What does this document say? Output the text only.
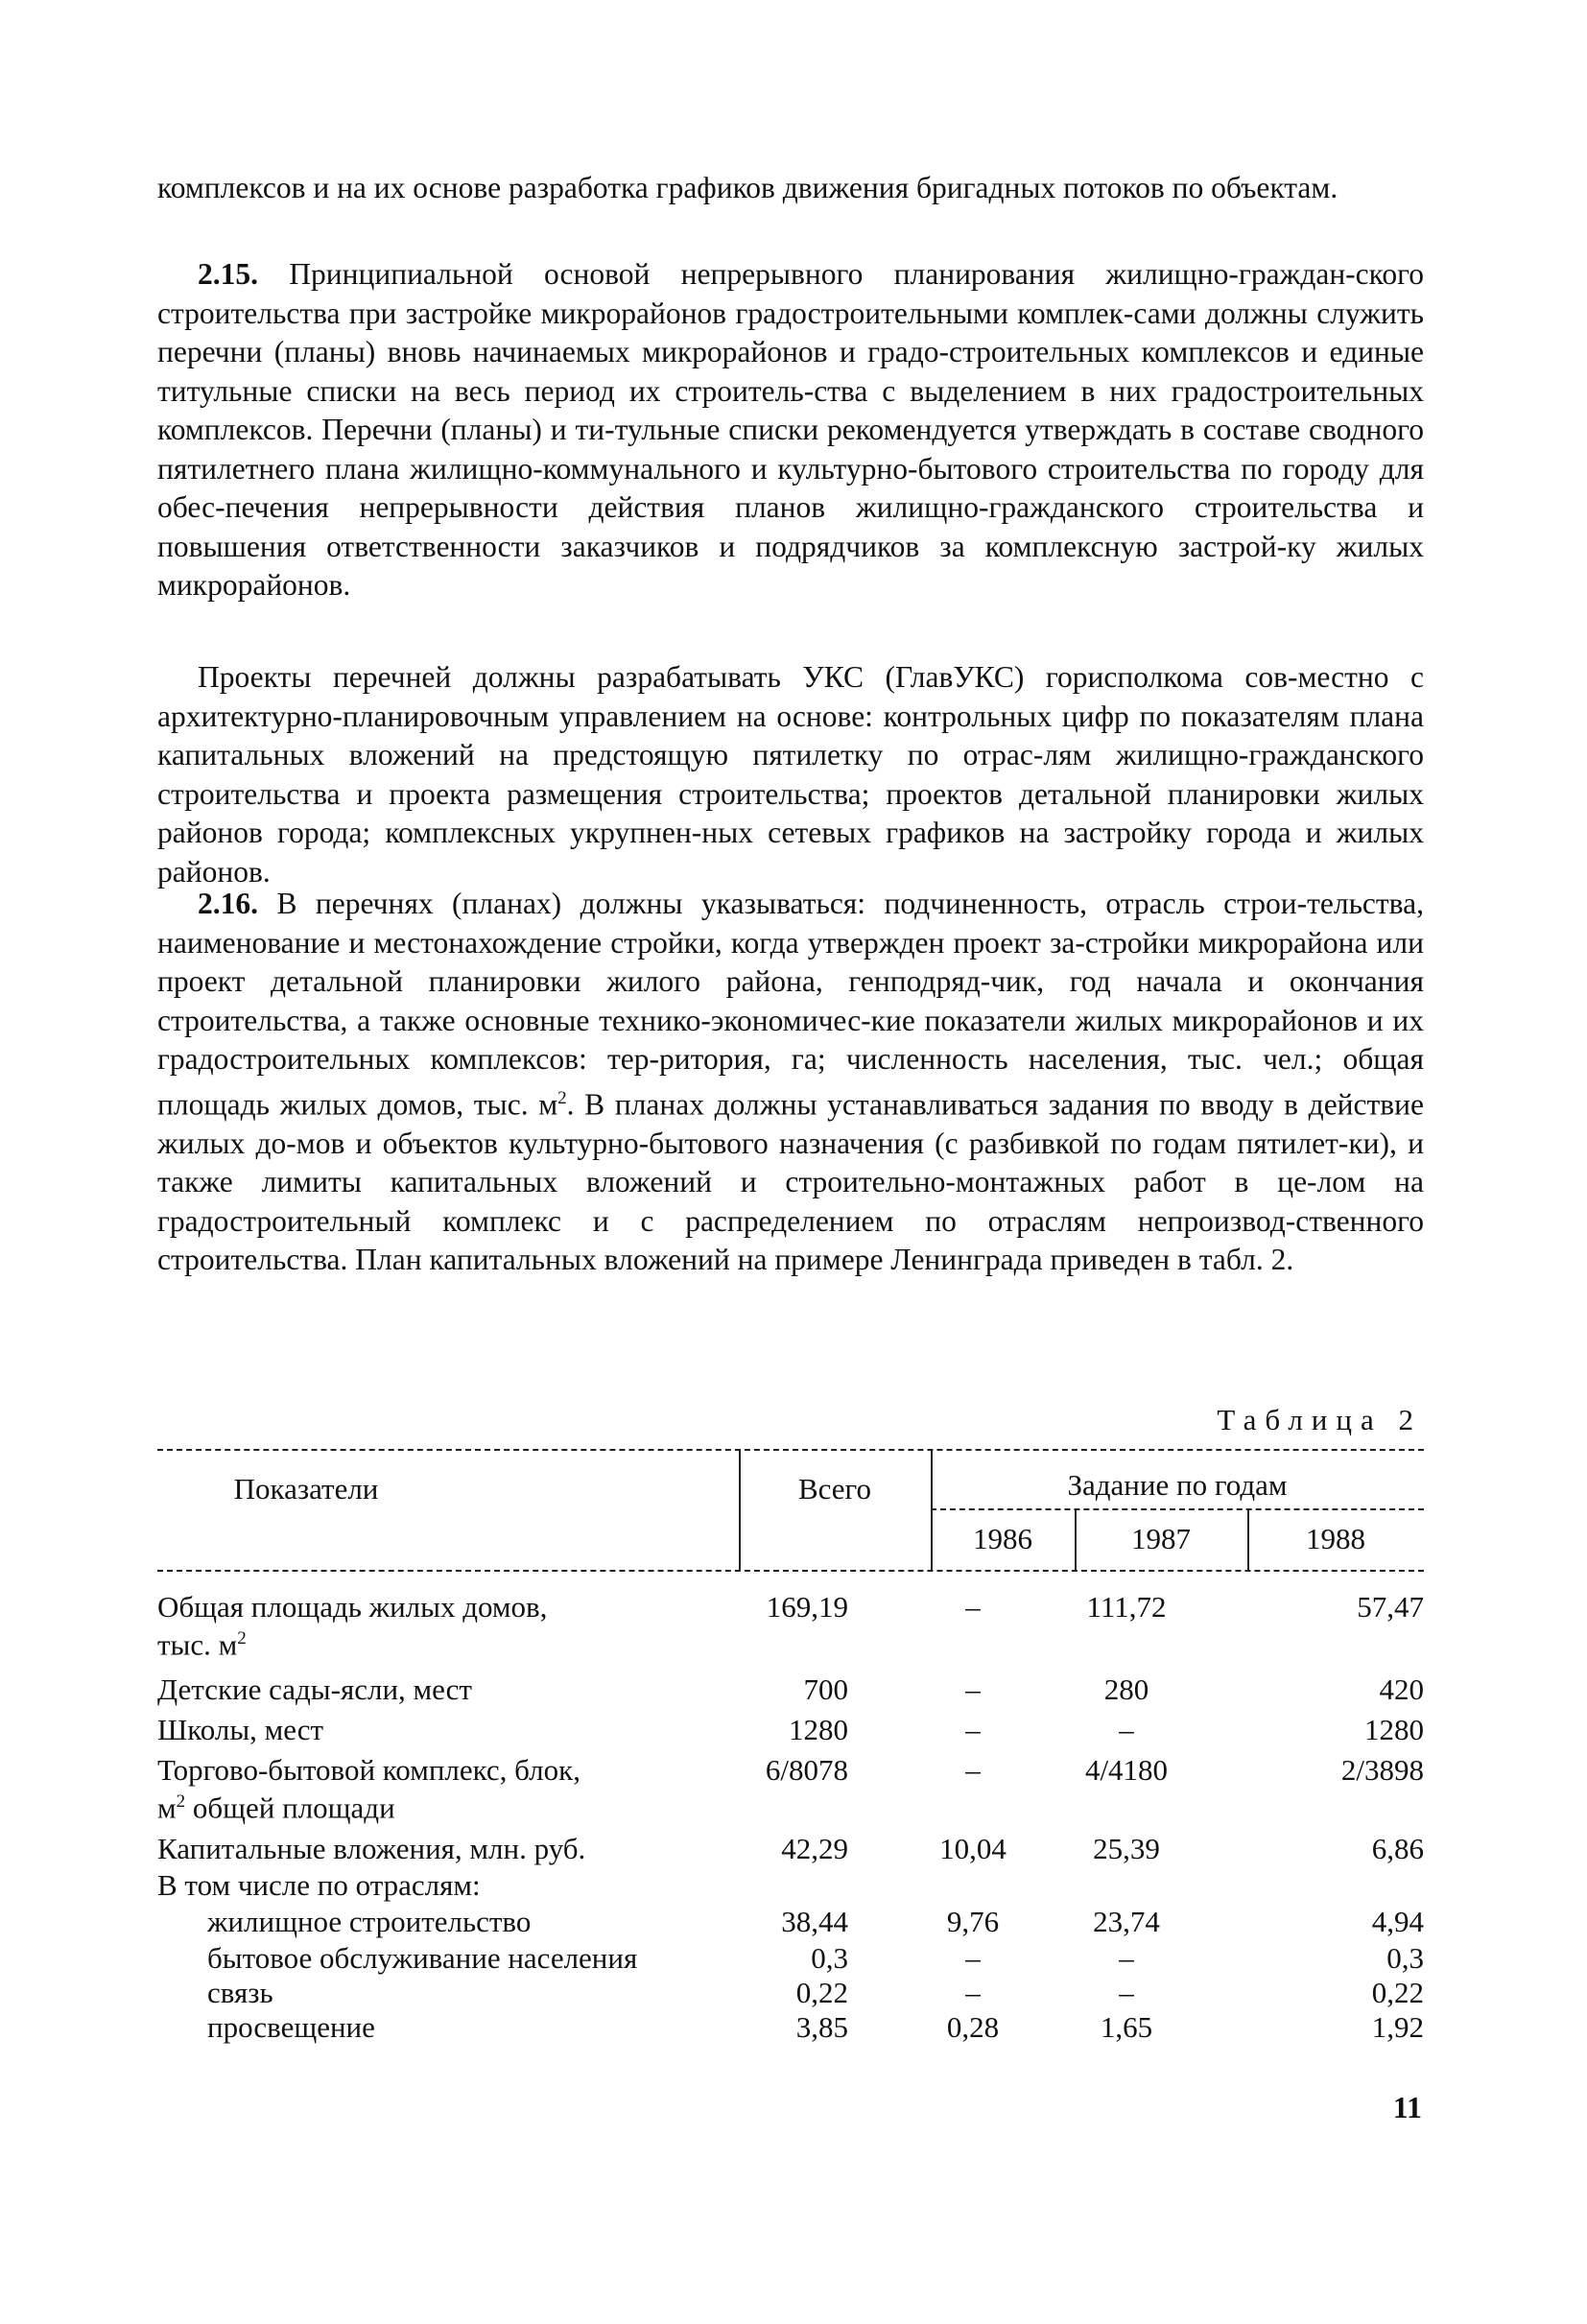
комплексов и на их основе разработка графиков движения бригадных потоков по объектам.

2.15. Принципиальной основой непрерывного планирования жилищно-граждан-ского строительства при застройке микрорайонов градостроительными комплек-сами должны служить перечни (планы) вновь начинаемых микрорайонов и градо-строительных комплексов и единые титульные списки на весь период их строитель-ства с выделением в них градостроительных комплексов. Перечни (планы) и ти-тульные списки рекомендуется утверждать в составе сводного пятилетнего плана жилищно-коммунального и культурно-бытового строительства по городу для обес-печения непрерывности действия планов жилищно-гражданского строительства и повышения ответственности заказчиков и подрядчиков за комплексную застрой-ку жилых микрорайонов.

Проекты перечней должны разрабатывать УКС (ГлавУКС) горисполкома сов-местно с архитектурно-планировочным управлением на основе: контрольных цифр по показателям плана капитальных вложений на предстоящую пятилетку по отрас-лям жилищно-гражданского строительства и проекта размещения строительства; проектов детальной планировки жилых районов города; комплексных укрупнен-ных сетевых графиков на застройку города и жилых районов.

2.16. В перечнях (планах) должны указываться: подчиненность, отрасль строи-тельства, наименование и местонахождение стройки, когда утвержден проект за-стройки микрорайона или проект детальной планировки жилого района, генподряд-чик, год начала и окончания строительства, а также основные технико-экономичес-кие показатели жилых микрорайонов и их градостроительных комплексов: тер-ритория, га; численность населения, тыс. чел.; общая площадь жилых домов, тыс. $м^2$. В планах должны устанавливаться задания по вводу в действие жилых до-мов и объектов культурно-бытового назначения (с разбивкой по годам пятилет-ки), и также лимиты капитальных вложений и строительно-монтажных работ в це-лом на градостроительный комплекс и с распределением по отраслям непроизвод-ственного строительства. План капитальных вложений на примере Ленинграда приведен в табл. 2.

Таблица 2
Показатели	Всего	Задание по годам
1986	1987	1988
Общая площадь жилых домов,
тыс. $м^2$
169,19	–	111,72	57,47
Детские сады-ясли, мест	700	–	280	420
Школы, мест	1280	–	–	1280
Торгово-бытовой комплекс, блок,
$м^2$ общей площади
6/8078	–	4/4180	2/3898
Капитальные вложения, млн. руб.	42,29	10,04	25,39	6,86
В том числе по отраслям:
жилищное строительство	38,44	9,76	23,74	4,94
бытовое обслуживание населения	0,3	–	–	0,3
связь	0,22	–	–	0,22
просвещение	3,85	0,28	1,65	1,92
11
